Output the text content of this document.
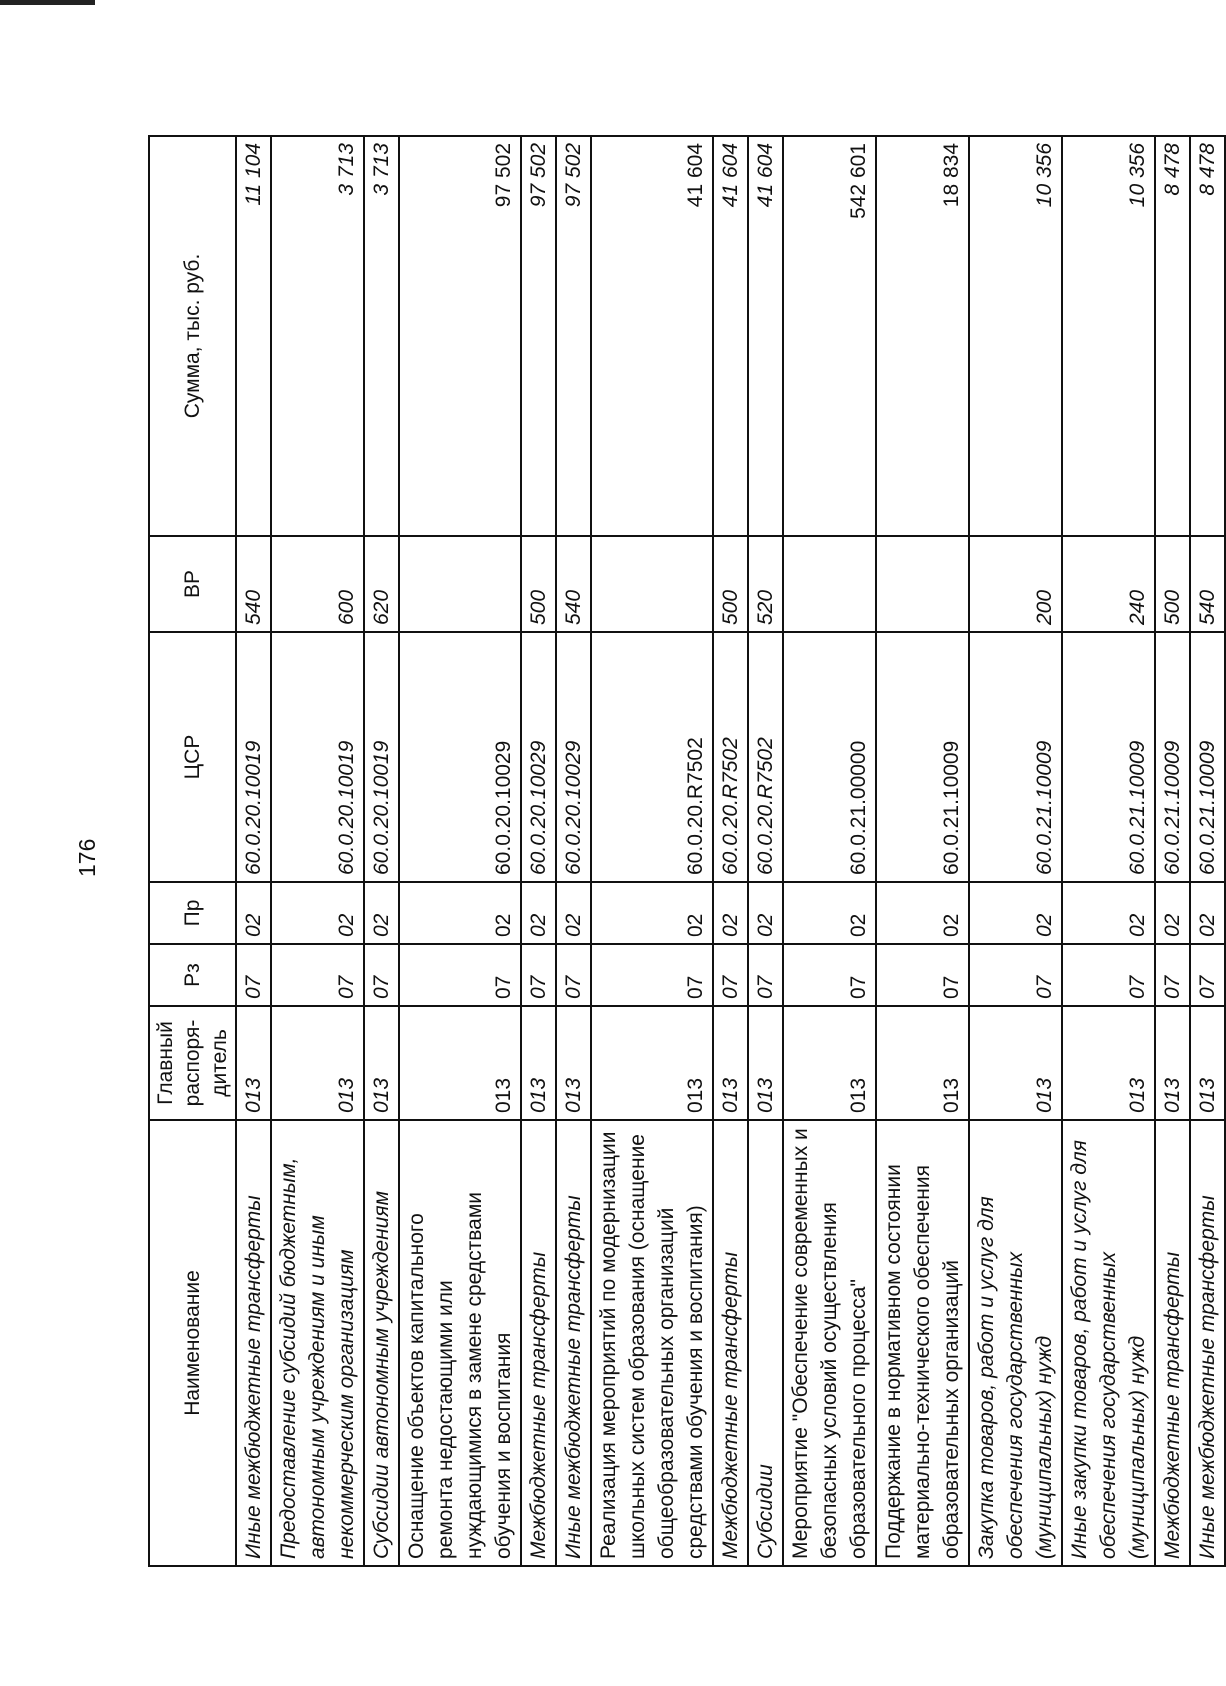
176
Наименование	Главный распоря-дитель	Рз	Пр	ЦСР	ВР	Сумма, тыс. руб.
Иные межбюджетные трансферты	013	07	02	60.0.20.10019	540	11 104
Предоставление субсидий бюджетным, автономным учреждениям и иным некоммерческим организациям	013	07	02	60.0.20.10019	600	3 713
Субсидии автономным учреждениям	013	07	02	60.0.20.10019	620	3 713
Оснащение объектов капитального ремонта недостающими или нуждающимися в замене средствами обучения и воспитания	013	07	02	60.0.20.10029		97 502
Межбюджетные трансферты	013	07	02	60.0.20.10029	500	97 502
Иные межбюджетные трансферты	013	07	02	60.0.20.10029	540	97 502
Реализация мероприятий по модернизации школьных систем образования (оснащение общеобразовательных организаций средствами обучения и воспитания)	013	07	02	60.0.20.R7502		41 604
Межбюджетные трансферты	013	07	02	60.0.20.R7502	500	41 604
Субсидии	013	07	02	60.0.20.R7502	520	41 604
Мероприятие "Обеспечение современных и безопасных условий осуществления образовательного процесса"	013	07	02	60.0.21.00000		542 601
Поддержание в нормативном состоянии материально-технического обеспечения образовательных организаций	013	07	02	60.0.21.10009		18 834
Закупка товаров, работ и услуг для обеспечения государственных (муниципальных) нужд	013	07	02	60.0.21.10009	200	10 356
Иные закупки товаров, работ и услуг для обеспечения государственных (муниципальных) нужд	013	07	02	60.0.21.10009	240	10 356
Межбюджетные трансферты	013	07	02	60.0.21.10009	500	8 478
Иные межбюджетные трансферты	013	07	02	60.0.21.10009	540	8 478
